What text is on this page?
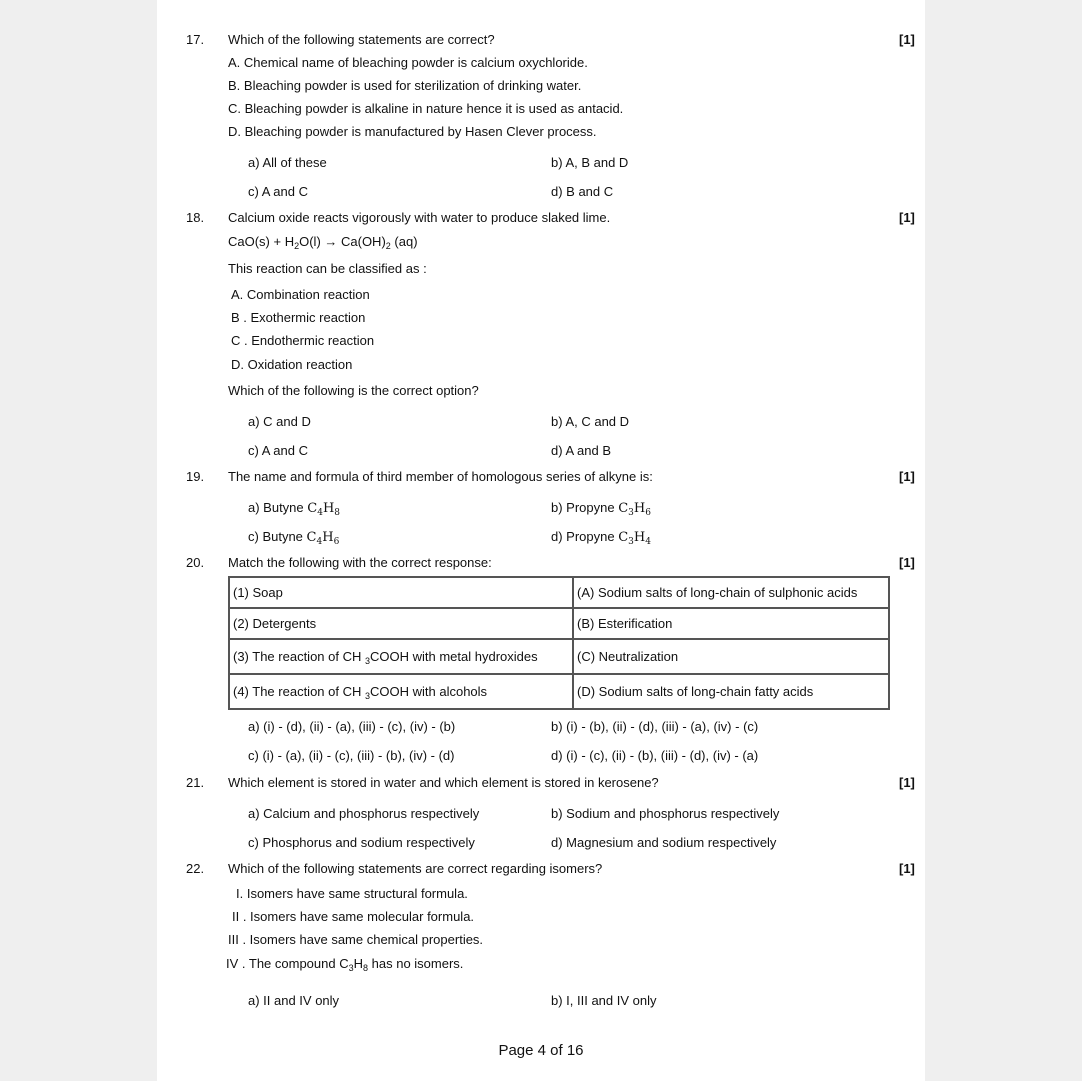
17. Which of the following statements are correct?	[1]
A. Chemical name of bleaching powder is calcium oxychloride.
B. Bleaching powder is used for sterilization of drinking water.
C. Bleaching powder is alkaline in nature hence it is used as antacid.
D. Bleaching powder is manufactured by Hasen Clever process.
a) All of these	b) A, B and D
c) A and C	d) B and C
18. Calcium oxide reacts vigorously with water to produce slaked lime.	[1]
$CaO(s) + H_2O(l) \to Ca(OH)_2$ (aq)
This reaction can be classified as :
A. Combination reaction
B . Exothermic reaction
C . Endothermic reaction
D. Oxidation reaction
Which of the following is the correct option?
a) C and D	b) A, C and D
c) A and C	d) A and B
19. The name and formula of third member of homologous series of alkyne is:	[1]
a) Butyne $C_4H_8$	b) Propyne $C_3H_6$
c) Butyne $C_4H_6$	d) Propyne $C_3H_4$
20. Match the following with the correct response:	[1]
(1) Soap	(A) Sodium salts of long-chain of sulphonic acids
(2) Detergents	(B) Esterification
(3) The reaction of CH $_3$COOH with metal hydroxides	(C) Neutralization
(4) The reaction of CH $_3$COOH with alcohols	(D) Sodium salts of long-chain fatty acids
a) (i) - (d), (ii) - (a), (iii) - (c), (iv) - (b)	b) (i) - (b), (ii) - (d), (iii) - (a), (iv) - (c)
c) (i) - (a), (ii) - (c), (iii) - (b), (iv) - (d)	d) (i) - (c), (ii) - (b), (iii) - (d), (iv) - (a)
21. Which element is stored in water and which element is stored in kerosene?	[1]
a) Calcium and phosphorus respectively	b) Sodium and phosphorus respectively
c) Phosphorus and sodium respectively	d) Magnesium and sodium respectively
22. Which of the following statements are correct regarding isomers?	[1]
I. Isomers have same structural formula.
II . Isomers have same molecular formula.
III . Isomers have same chemical properties.
IV . The compound $C_3H_8$ has no isomers.
a) II and IV only	b) I, III and IV only
Page 4 of 16
